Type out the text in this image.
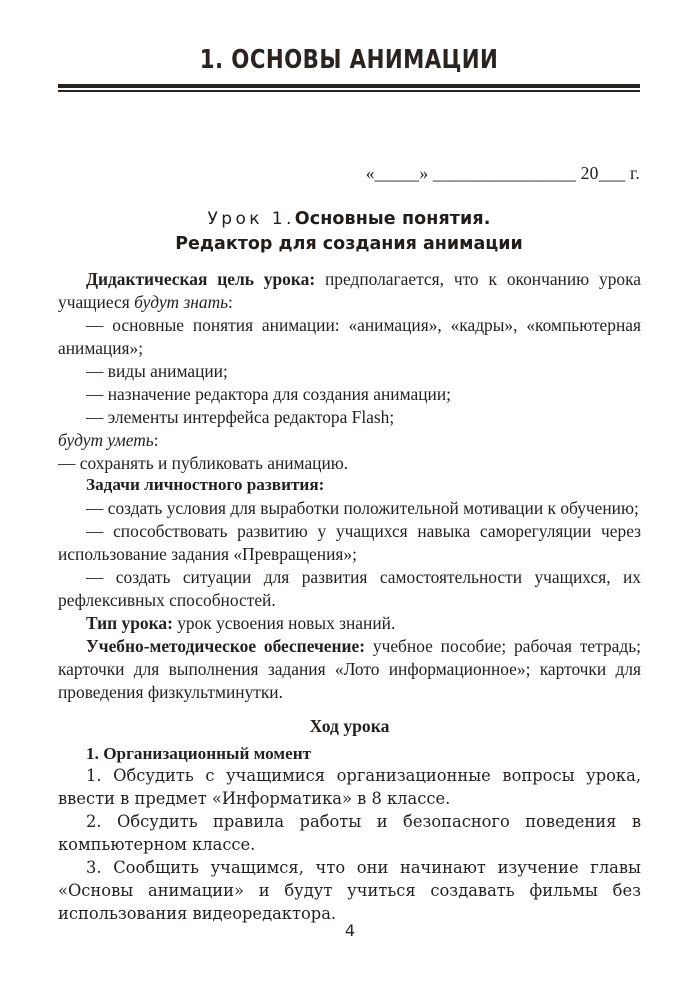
1. ОСНОВЫ АНИМАЦИИ
«_____» ________________ 20___ г.
Урок 1.Основные понятия.
Редактор для создания анимации

Дидактическая цель урока: предполагается, что к окончанию урока учащиеся будут знать:

— основные понятия анимации: «анимация», «кадры», «компьютерная анимация»;

— виды анимации;

— назначение редактора для создания анимации;

— элементы интерфейса редактора Flash;

будут уметь:

— сохранять и публиковать анимацию.

Задачи личностного развития:

— создать условия для выработки положительной мотивации к обучению;

— способствовать развитию у учащихся навыка саморегуляции через использование задания «Превращения»;

— создать ситуации для развития самостоятельности учащихся, их рефлексивных способностей.

Тип урока: урок усвоения новых знаний.

Учебно-методическое обеспечение: учебное пособие; рабочая тетрадь; карточки для выполнения задания «Лото информационное»; карточки для проведения физкультминутки.

Ход урока

1. Организационный момент

1. Обсудить с учащимися организационные вопросы урока, ввести в предмет «Информатика» в 8 классе.

2. Обсудить правила работы и безопасного поведения в компьютерном классе.

3. Сообщить учащимся, что они начинают изучение главы «Основы анимации» и будут учиться создавать фильмы без использования видеоредактора.

4
